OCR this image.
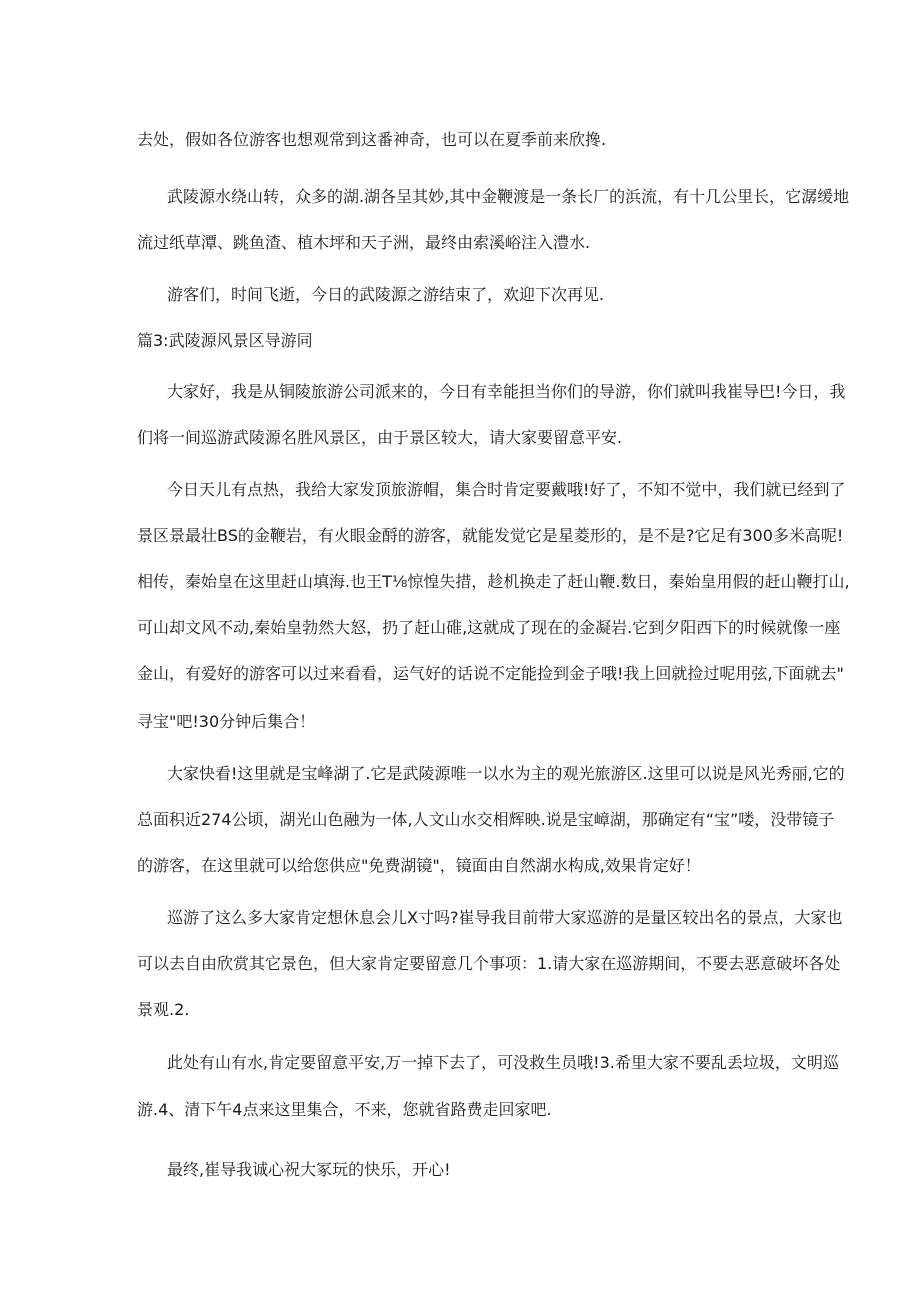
去处，假如各位游客也想观常到这番神奇，也可以在夏季前来欣搀.
武陵源水绕山转，众多的湖.湖各呈其妙,其中金鞭渡是一条长厂的浜流，有十几公里长，它潺缓地
流过纸草潭、跳鱼渣、植木坪和天子洲，最终由索溪峪注入澧水.
游客们，时间飞逝，今日的武陵源之游结束了，欢迎下次再见.
篇3:武陵源风景区导游同
大家好，我是从铜陵旅游公司派来的，今日有幸能担当你们的导游，你们就叫我崔导巴!今日，我
们将一间巡游武陵源名胜风景区，由于景区较大，请大家要留意平安.
今日天儿有点热，我给大家发顶旅游帽，集合时肯定要戴哦!好了，不知不觉中，我们就已经到了
景区景最壮BS的金鞭岩，有火眼金酹的游客，就能发觉它是星菱形的，是不是?它足有300多米高呢!
相传，秦始皇在这里赶山填海.也王T⅛惊惶失措，趁机换走了赶山鞭.数日，秦始皇用假的赶山鞭打山,
可山却文风不动,秦始皇勃然大怒，扔了赶山碓,这就成了现在的金凝岩.它到夕阳西下的时候就像一座
金山，有爱好的游客可以过来看看，运气好的话说不定能捡到金子哦!我上回就捡过呢用弦,下面就去"
寻宝"吧!30分钟后集合！
大家快看!这里就是宝峰湖了.它是武陵源唯一以水为主的观光旅游区.这里可以说是风光秀丽,它的
总面积近274公顷，湖光山色融为一体,人文山水交相辉映.说是宝嶂湖，那确定有“宝”喽，没带镜子
的游客，在这里就可以给您供应"免费湖镜"，镜面由自然湖水构成,效果肯定好！
巡游了这么多大家肯定想休息会儿X寸吗?崔导我目前带大家巡游的是量区较出名的景点，大家也
可以去自由欣赏其它景色，但大家肯定要留意几个事项：1.请大家在巡游期间，不要去恶意破坏各处
景观.2.
此处有山有水,肯定要留意平安,万一掉下去了，可没救生员哦!3.希里大家不要乱丢垃圾，文明巡
游.4、清下午4点来这里集合，不来，您就省路费走回家吧.
最终,崔导我诚心祝大冢玩的快乐，开心!
